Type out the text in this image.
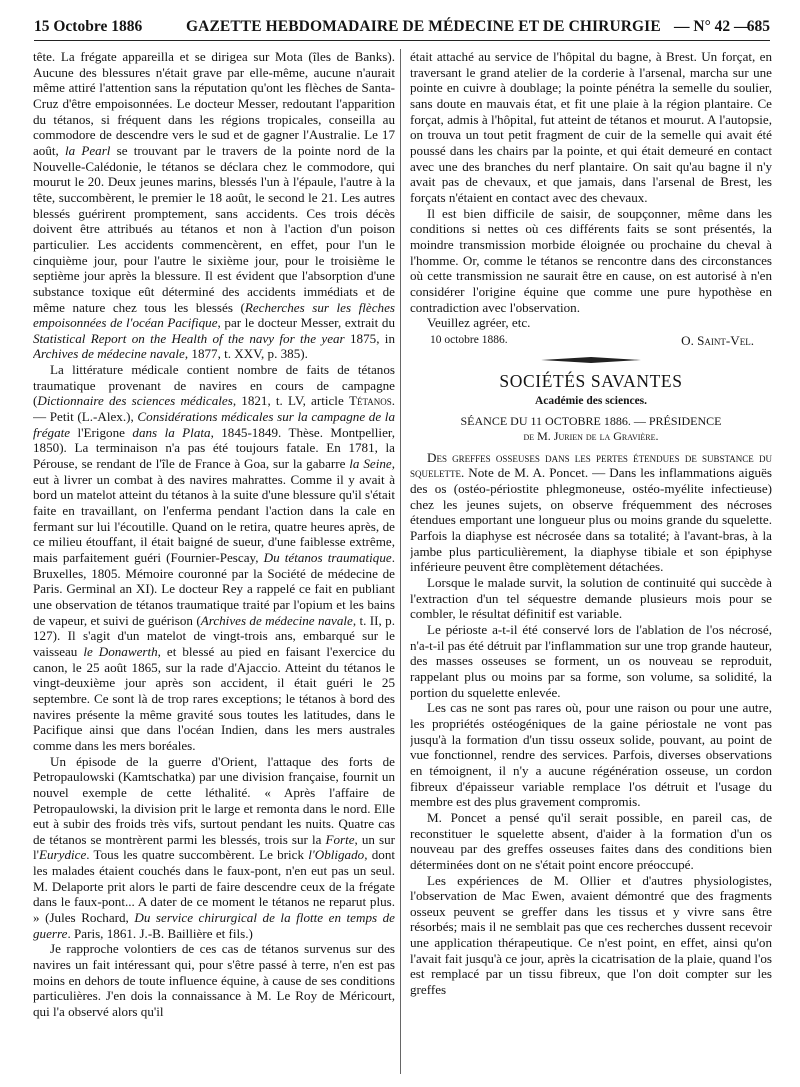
15 Octobre 1886	GAZETTE HEBDOMADAIRE DE MÉDECINE ET DE CHIRURGIE — N° 42 —
685

tête. La frégate appareilla et se dirigea sur Mota (îles de Banks). Aucune des blessures n'était grave par elle-même, aucune n'aurait même attiré l'attention sans la réputation qu'ont les flèches de Santa-Cruz d'être empoisonnées. Le docteur Messer, redoutant l'apparition du tétanos, si fréquent dans les régions tropicales, conseilla au commodore de descendre vers le sud et de gagner l'Australie. Le 17 août, la Pearl se trouvant par le travers de la pointe nord de la Nouvelle-Calédonie, le tétanos se déclara chez le commodore, qui mourut le 20. Deux jeunes marins, blessés l'un à l'épaule, l'autre à la tête, succombèrent, le premier le 18 août, le second le 21. Les autres blessés guérirent promptement, sans accidents. Ces trois décès doivent être attribués au tétanos et non à l'action d'un poison particulier. Les accidents commencèrent, en effet, pour l'un le cinquième jour, pour l'autre le sixième jour, pour le troisième le septième jour après la blessure. Il est évident que l'absorption d'une substance toxique eût déterminé des accidents immédiats et de même nature chez tous les blessés (Recherches sur les flèches empoisonnées de l'océan Pacifique, par le docteur Messer, extrait du Statistical Report on the Health of the navy for the year 1875, in Archives de médecine navale, 1877, t. XXV, p. 385).

La littérature médicale contient nombre de faits de tétanos traumatique provenant de navires en cours de campagne (Dictionnaire des sciences médicales, 1821, t. LV, article Tétanos. — Petit (L.-Alex.), Considérations médicales sur la campagne de la frégate l'Erigone dans la Plata, 1845-1849. Thèse. Montpellier, 1850). La terminaison n'a pas été toujours fatale. En 1781, la Pérouse, se rendant de l'île de France à Goa, sur la gabarre la Seine, eut à livrer un combat à des navires mahrattes. Comme il y avait à bord un matelot atteint du tétanos à la suite d'une blessure qu'il s'était faite en travaillant, on l'enferma pendant l'action dans la cale en fermant sur lui l'écoutille. Quand on le retira, quatre heures après, de ce milieu étouffant, il était baigné de sueur, d'une faiblesse extrême, mais parfaitement guéri (Fournier-Pescay, Du tétanos traumatique. Bruxelles, 1805. Mémoire couronné par la Société de médecine de Paris. Germinal an XI). Le docteur Rey a rappelé ce fait en publiant une observation de tétanos traumatique traité par l'opium et les bains de vapeur, et suivi de guérison (Archives de médecine navale, t. II, p. 127). Il s'agit d'un matelot de vingt-trois ans, embarqué sur le vaisseau le Donawerth, et blessé au pied en faisant l'exercice du canon, le 25 août 1865, sur la rade d'Ajaccio. Atteint du tétanos le vingt-deuxième jour après son accident, il était guéri le 25 septembre. Ce sont là de trop rares exceptions; le tétanos à bord des navires présente la même gravité sous toutes les latitudes, dans le Pacifique ainsi que dans l'océan Indien, dans les mers australes comme dans les mers boréales.

Un épisode de la guerre d'Orient, l'attaque des forts de Petropaulowski (Kamtschatka) par une division française, fournit un nouvel exemple de cette léthalité. « Après l'affaire de Petropaulowski, la division prit le large et remonta dans le nord. Elle eut à subir des froids très vifs, surtout pendant les nuits. Quatre cas de tétanos se montrèrent parmi les blessés, trois sur la Forte, un sur l'Eurydice. Tous les quatre succombèrent. Le brick l'Obligado, dont les malades étaient couchés dans le faux-pont, n'en eut pas un seul. M. Delaporte prit alors le parti de faire descendre ceux de la frégate dans le faux-pont... A dater de ce moment le tétanos ne reparut plus. » (Jules Rochard, Du service chirurgical de la flotte en temps de guerre. Paris, 1861. J.-B. Baillière et fils.)

Je rapproche volontiers de ces cas de tétanos survenus sur des navires un fait intéressant qui, pour s'être passé à terre, n'en est pas moins en dehors de toute influence équine, à cause de ses conditions particulières. J'en dois la connaissance à M. Le Roy de Méricourt, qui l'a observé alors qu'il

était attaché au service de l'hôpital du bagne, à Brest. Un forçat, en traversant le grand atelier de la corderie à l'arsenal, marcha sur une pointe en cuivre à doublage; la pointe pénétra la semelle du soulier, sans doute en mauvais état, et fit une plaie à la région plantaire. Ce forçat, admis à l'hôpital, fut atteint de tétanos et mourut. A l'autopsie, on trouva un tout petit fragment de cuir de la semelle qui avait été poussé dans les chairs par la pointe, et qui était demeuré en contact avec une des branches du nerf plantaire. On sait qu'au bagne il n'y avait pas de chevaux, et que jamais, dans l'arsenal de Brest, les forçats n'étaient en contact avec des chevaux.

Il est bien difficile de saisir, de soupçonner, même dans les conditions si nettes où ces différents faits se sont présentés, la moindre transmission morbide éloignée ou prochaine du cheval à l'homme. Or, comme le tétanos se rencontre dans des circonstances où cette transmission ne saurait être en cause, on est autorisé à n'en considérer l'origine équine que comme une pure hypothèse en contradiction avec l'observation.

Veuillez agréer, etc.

10 octobre 1886.	O. Saint-Vel.
SOCIÉTÉS SAVANTES
Académie des sciences.
SÉANCE DU 11 OCTOBRE 1886. — PRÉSIDENCE
de M. Jurien de la Gravière.

Des greffes osseuses dans les pertes étendues de substance du squelette. Note de M. A. Poncet. — Dans les inflammations aiguës des os (ostéo-périostite phlegmoneuse, ostéo-myélite infectieuse) chez les jeunes sujets, on observe fréquemment des nécroses étendues emportant une longueur plus ou moins grande du squelette. Parfois la diaphyse est nécrosée dans sa totalité; à l'avant-bras, à la jambe plus particulièrement, la diaphyse tibiale et son épiphyse inférieure peuvent être complètement détachées.

Lorsque le malade survit, la solution de continuité qui succède à l'extraction d'un tel séquestre demande plusieurs mois pour se combler, le résultat définitif est variable.

Le périoste a-t-il été conservé lors de l'ablation de l'os nécrosé, n'a-t-il pas été détruit par l'inflammation sur une trop grande hauteur, des masses osseuses se forment, un os nouveau se reproduit, rappelant plus ou moins par sa forme, son volume, sa solidité, la portion du squelette enlevée.

Les cas ne sont pas rares où, pour une raison ou pour une autre, les propriétés ostéogéniques de la gaine périostale ne vont pas jusqu'à la formation d'un tissu osseux solide, pouvant, au point de vue fonctionnel, rendre des services. Parfois, diverses observations en témoignent, il n'y a aucune régénération osseuse, un cordon fibreux d'épaisseur variable remplace l'os détruit et l'usage du membre est des plus gravement compromis.

M. Poncet a pensé qu'il serait possible, en pareil cas, de reconstituer le squelette absent, d'aider à la formation d'un os nouveau par des greffes osseuses faites dans des conditions bien déterminées dont on ne s'était point encore préoccupé.

Les expériences de M. Ollier et d'autres physiologistes, l'observation de Mac Ewen, avaient démontré que des fragments osseux peuvent se greffer dans les tissus et y vivre sans être résorbés; mais il ne semblait pas que ces recherches dussent recevoir une application thérapeutique. Ce n'est point, en effet, ainsi qu'on l'avait fait jusqu'à ce jour, après la cicatrisation de la plaie, quand l'os est remplacé par un tissu fibreux, que l'on doit compter sur les greffes
